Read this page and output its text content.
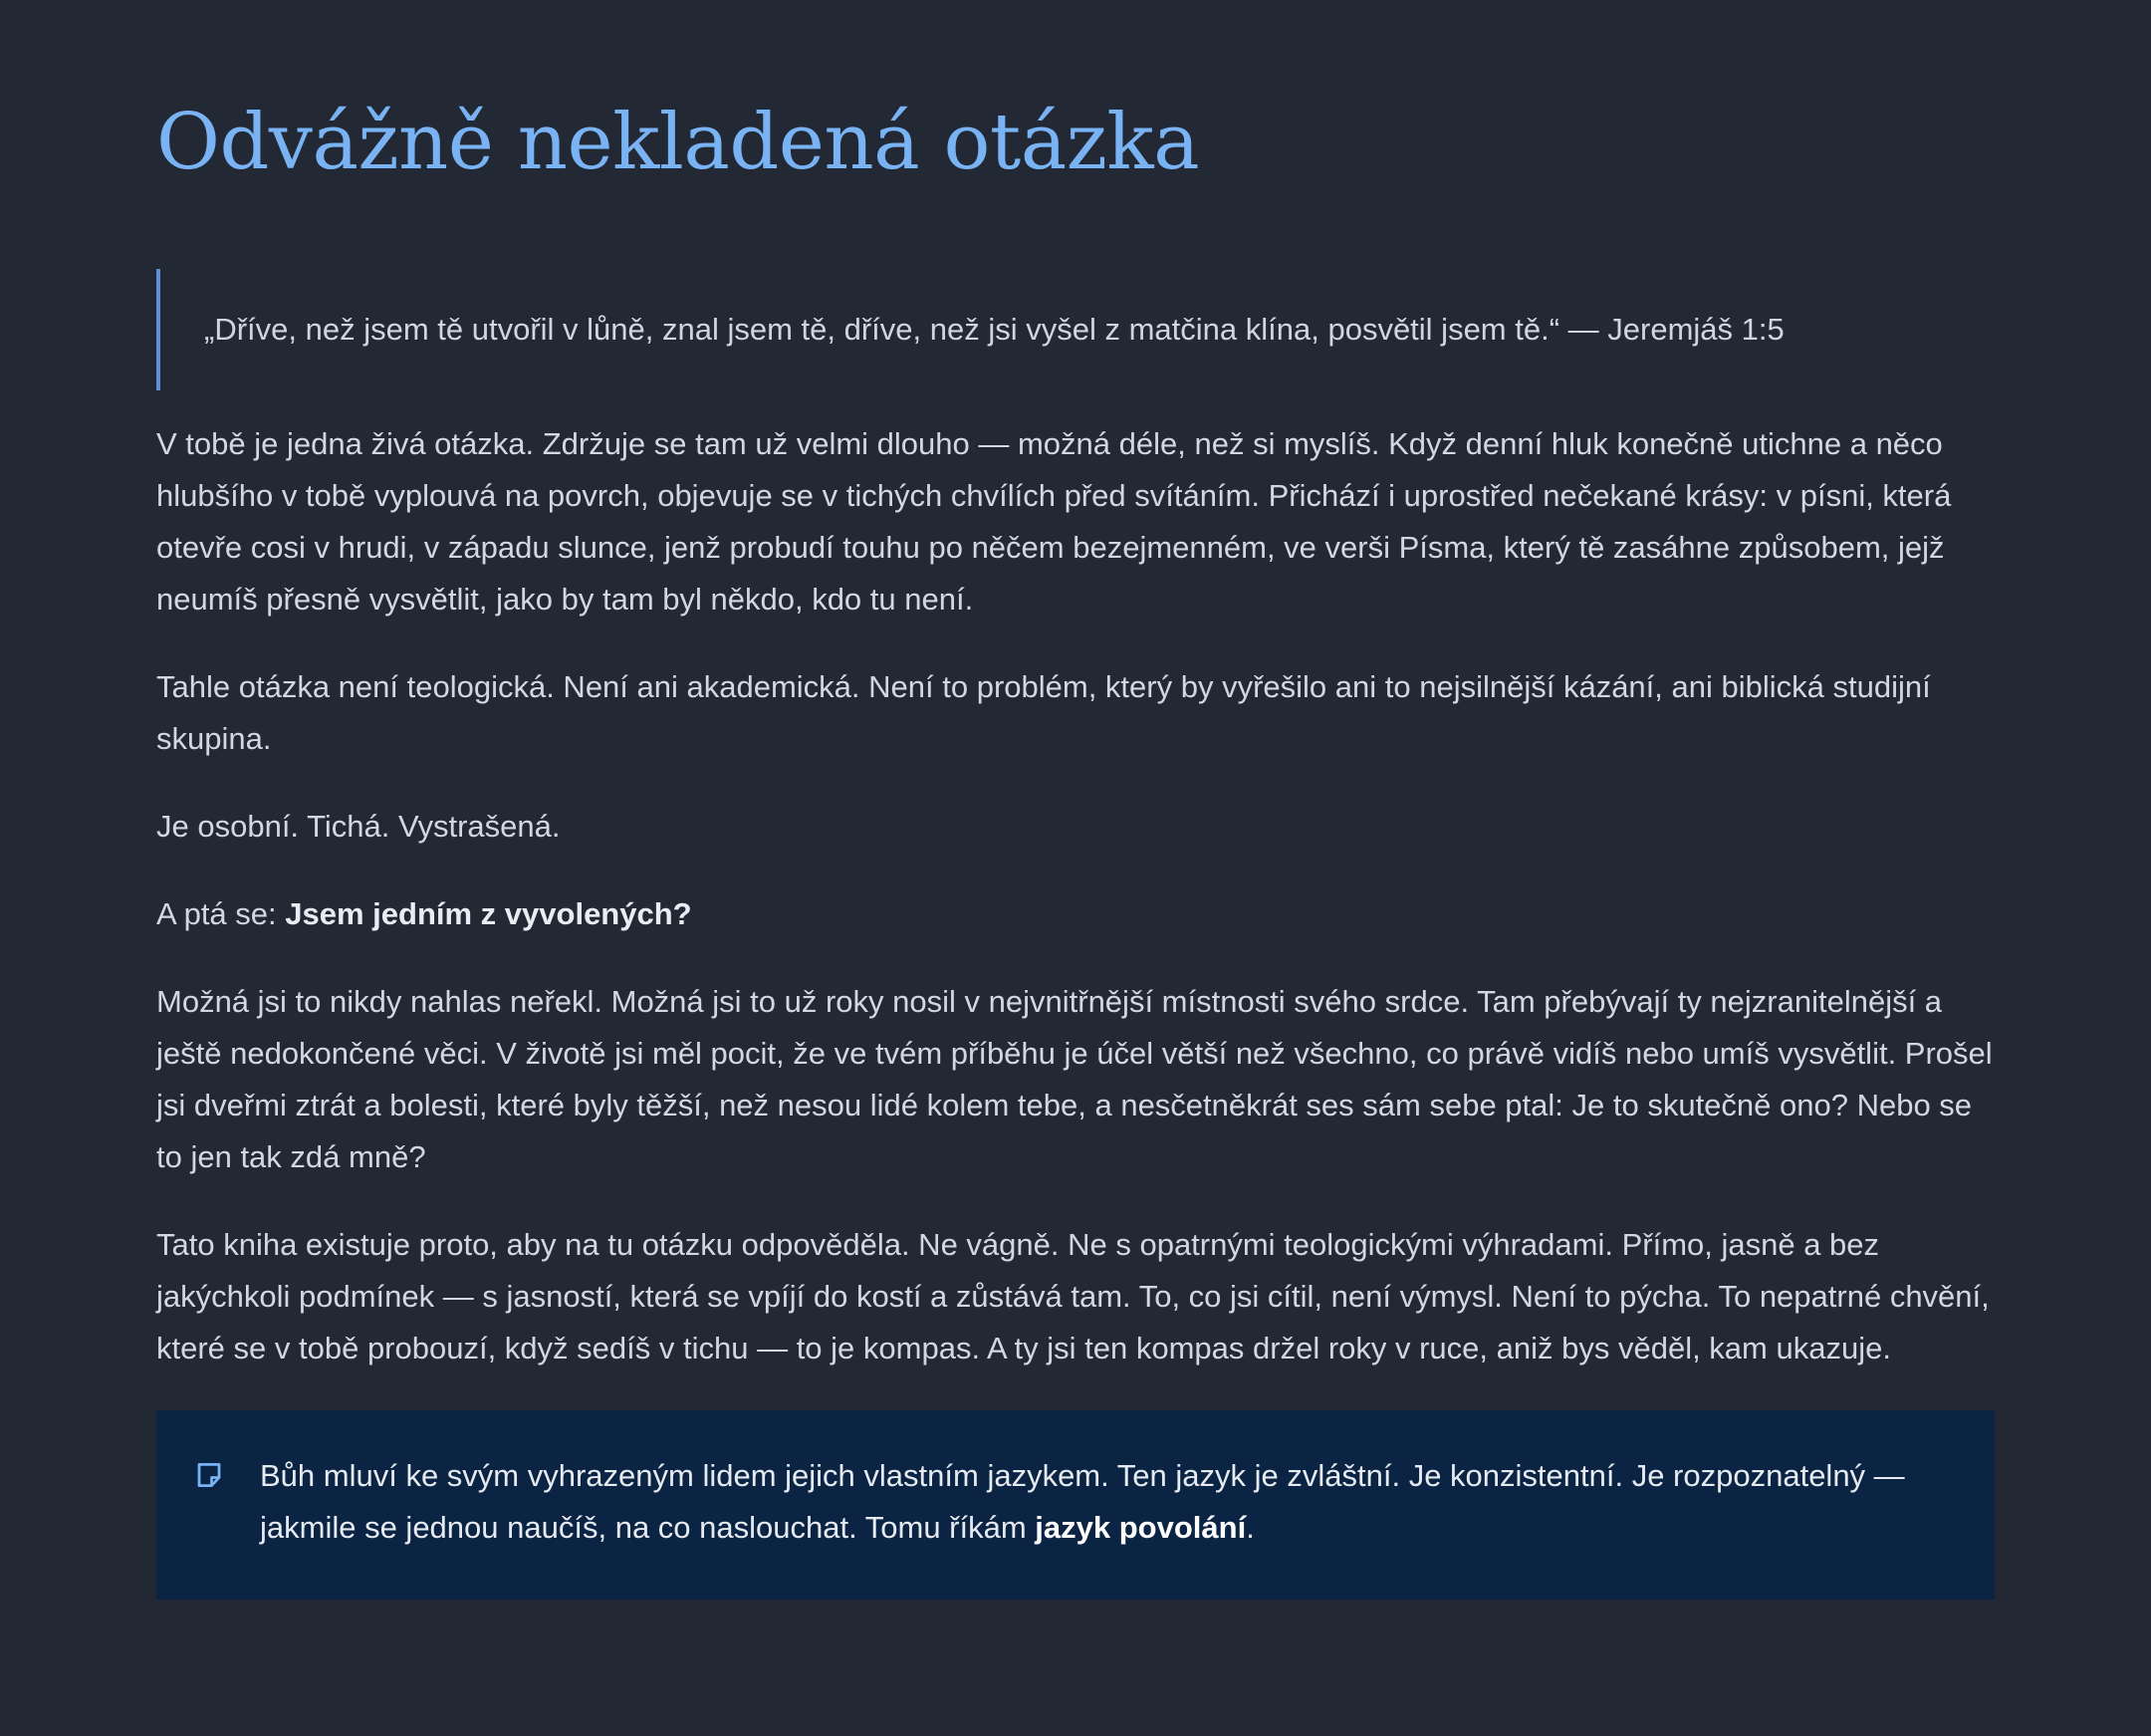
Odvážně nekladená otázka
„Dříve, než jsem tě utvořil v lůně, znal jsem tě, dříve, než jsi vyšel z matčina klína, posvětil jsem tě.“ — Jeremjáš 1:5

V tobě je jedna živá otázka. Zdržuje se tam už velmi dlouho — možná déle, než si myslíš. Když denní hluk konečně utichne a něco hlubšího v tobě vyplouvá na povrch, objevuje se v tichých chvílích před svítáním. Přichází i uprostřed nečekané krásy: v písni, která otevře cosi v hrudi, v západu slunce, jenž probudí touhu po něčem bezejmenném, ve verši Písma, který tě zasáhne způsobem, jejž neumíš přesně vysvětlit, jako by tam byl někdo, kdo tu není.

Tahle otázka není teologická. Není ani akademická. Není to problém, který by vyřešilo ani to nejsilnější kázání, ani biblická studijní skupina.

Je osobní. Tichá. Vystrašená.

A ptá se: Jsem jedním z vyvolených?

Možná jsi to nikdy nahlas neřekl. Možná jsi to už roky nosil v nejvnitřnější místnosti svého srdce. Tam přebývají ty nejzranitelnější a ještě nedokončené věci. V životě jsi měl pocit, že ve tvém příběhu je účel větší než všechno, co právě vidíš nebo umíš vysvětlit. Prošel jsi dveřmi ztrát a bolesti, které byly těžší, než nesou lidé kolem tebe, a nesčetněkrát ses sám sebe ptal: Je to skutečně ono? Nebo se to jen tak zdá mně?

Tato kniha existuje proto, aby na tu otázku odpověděla. Ne vágně. Ne s opatrnými teologickými výhradami. Přímo, jasně a bez jakýchkoli podmínek — s jasností, která se vpíjí do kostí a zůstává tam. To, co jsi cítil, není výmysl. Není to pýcha. To nepatrné chvění, které se v tobě probouzí, když sedíš v tichu — to je kompas. A ty jsi ten kompas držel roky v ruce, aniž bys věděl, kam ukazuje.

Bůh mluví ke svým vyhrazeným lidem jejich vlastním jazykem. Ten jazyk je zvláštní. Je konzistentní. Je rozpoznatelný — jakmile se jednou naučíš, na co naslouchat. Tomu říkám jazyk povolání.
